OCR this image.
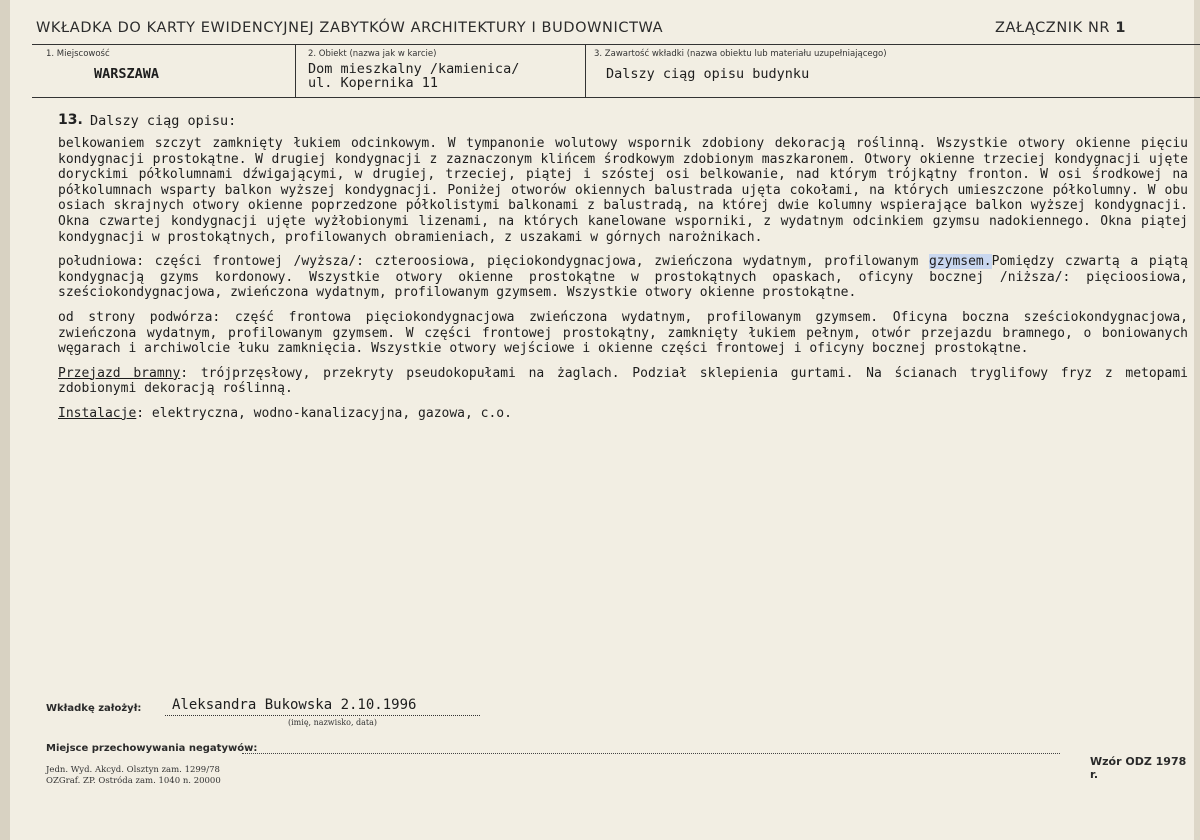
WKŁADKA DO KARTY EWIDENCYJNEJ ZABYTKÓW ARCHITEKTURY I BUDOWNICTWA	ZAŁĄCZNIK NR 1
1. Miejscowość
WARSZAWA
2. Obiekt (nazwa jak w karcie)
Dom mieszkalny /kamienica/
ul. Kopernika 11
3. Zawartość wkładki (nazwa obiektu lub materiału uzupełniającego)
Dalszy ciąg opisu budynku
13. Dalszy ciąg opisu:

belkowaniem szczyt zamknięty łukiem odcinkowym. W tympanonie wolutowy wspornik zdobiony dekoracją roślinną. Wszystkie otwory okienne pięciu kondygnacji prostokątne. W drugiej kondygnacji z zaznaczonym klińcem środkowym zdobionym maszkaronem. Otwory okienne trzeciej kondygnacji ujęte doryckimi półkolumnami dźwigającymi, w drugiej, trzeciej, piątej i szóstej osi belkowanie, nad którym trójkątny fronton. W osi środkowej na półkolumnach wsparty balkon wyższej kondygnacji. Poniżej otworów okiennych balustrada ujęta cokołami, na których umieszczone półkolumny. W obu osiach skrajnych otwory okienne poprzedzone półkolistymi balkonami z balustradą, na której dwie kolumny wspierające balkon wyższej kondygnacji. Okna czwartej kondygnacji ujęte wyżłobionymi lizenami, na których kanelowane wsporniki, z wydatnym odcinkiem gzymsu nadokiennego. Okna piątej kondygnacji w prostokątnych, profilowanych obramieniach, z uszakami w górnych narożnikach.

południowa: części frontowej /wyższa/: czteroosiowa, pięciokondygnacjowa, zwieńczona wydatnym, profilowanym gzymsem.Pomiędzy czwartą a piątą kondygnacją gzyms kordonowy. Wszystkie otwory okienne prostokątne w prostokątnych opaskach, oficyny bocznej /niższa/: pięcioosiowa, sześciokondygnacjowa, zwieńczona wydatnym, profilowanym gzymsem. Wszystkie otwory okienne prostokątne.

od strony podwórza: część frontowa pięciokondygnacjowa zwieńczona wydatnym, profilowanym gzymsem. Oficyna boczna sześciokondygnacjowa, zwieńczona wydatnym, profilowanym gzymsem. W części frontowej prostokątny, zamknięty łukiem pełnym, otwór przejazdu bramnego, o boniowanych węgarach i archiwolcie łuku zamknięcia. Wszystkie otwory wejściowe i okienne części frontowej i oficyny bocznej prostokątne.

Przejazd bramny: trójprzęsłowy, przekryty pseudokopułami na żaglach. Podział sklepienia gurtami. Na ścianach tryglifowy fryz z metopami zdobionymi dekoracją roślinną.

Instalacje: elektryczna, wodno-kanalizacyjna, gazowa, c.o.

Wkładkę założył: Aleksandra Bukowska 2.10.1996
(imię, nazwisko, data)
Miejsce przechowywania negatywów:
Jedn. Wyd. Akcyd. Olsztyn zam. 1299/78
OZGraf. ZP. Ostróda zam. 1040 n. 20000
Wzór ODZ 1978 r.
